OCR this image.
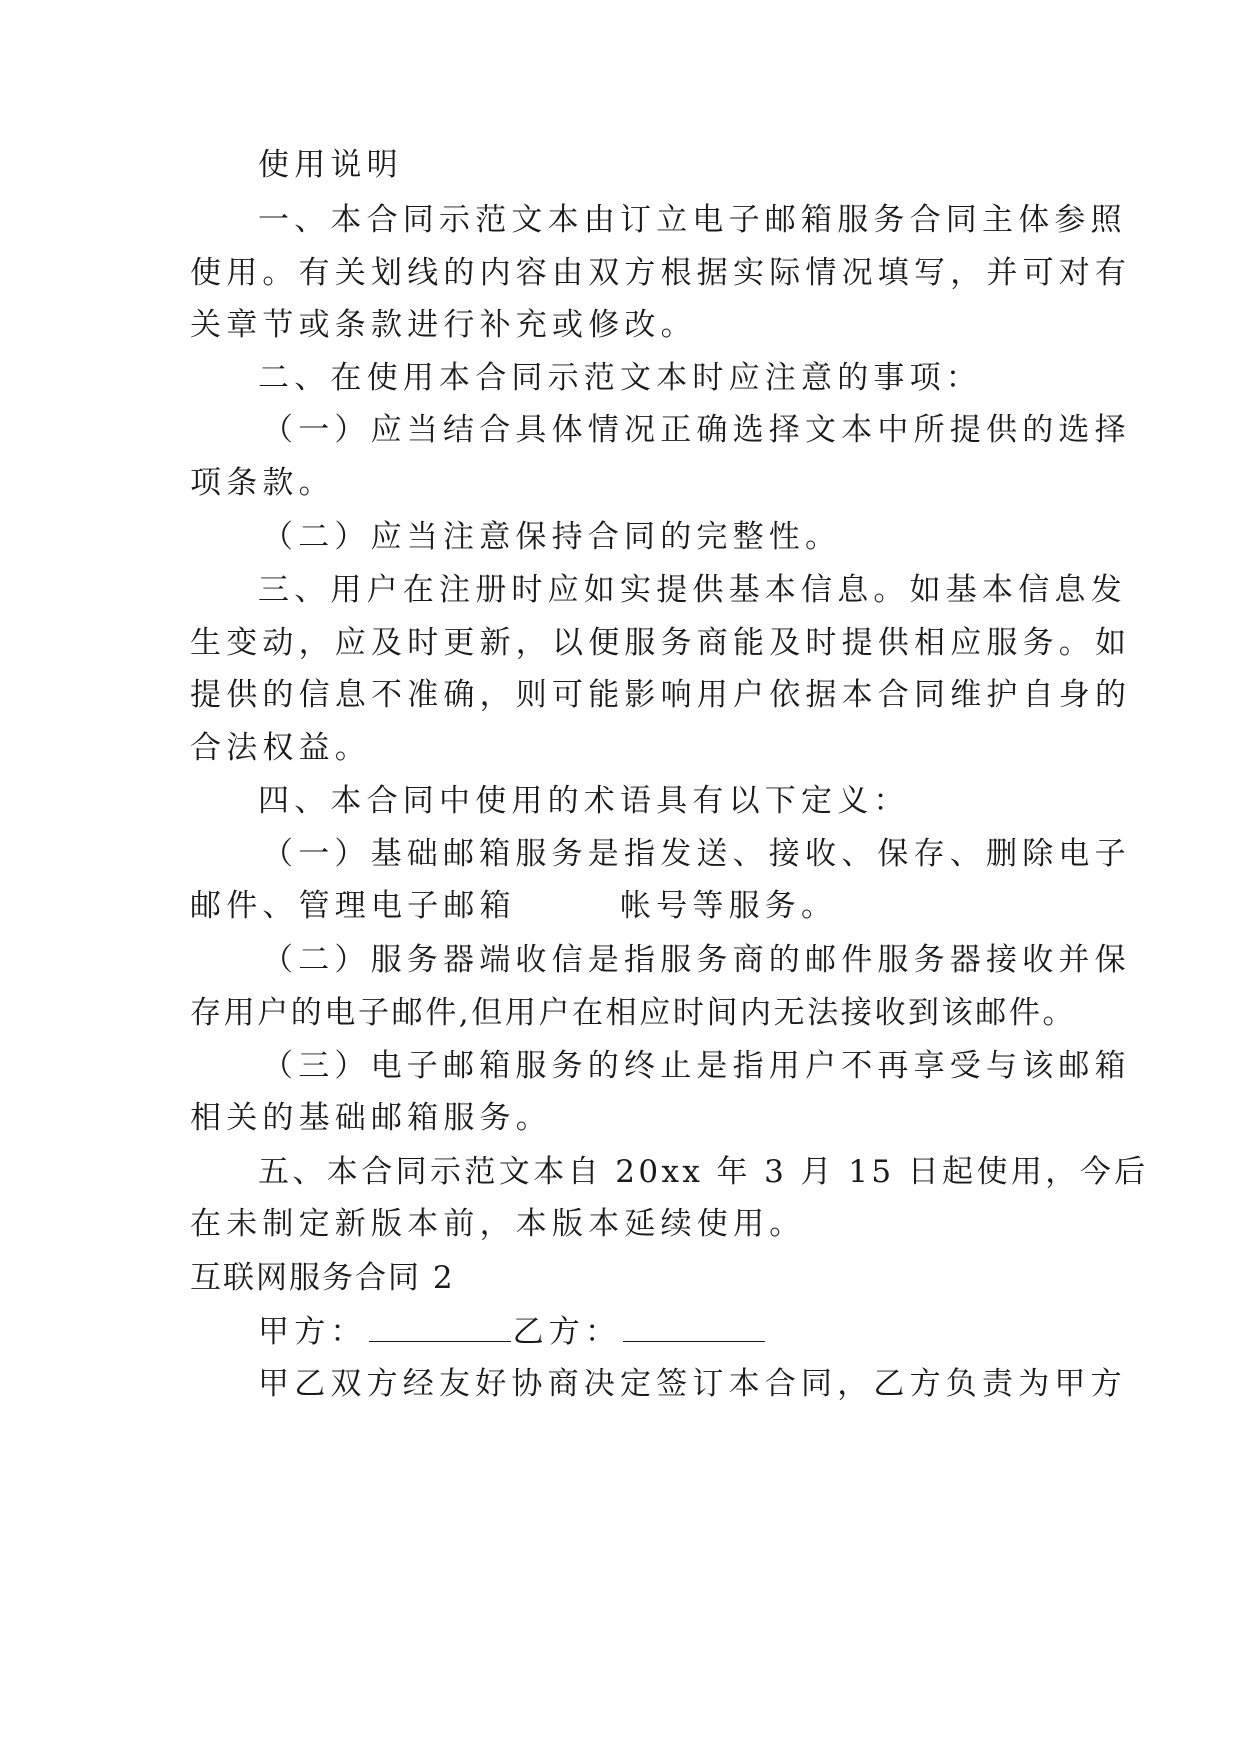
使用说明
一、本合同示范文本由订立电子邮箱服务合同主体参照
使用。有关划线的内容由双方根据实际情况填写，并可对有
关章节或条款进行补充或修改。
二、在使用本合同示范文本时应注意的事项：
（一）应当结合具体情况正确选择文本中所提供的选择
项条款。
（二）应当注意保持合同的完整性。
三、用户在注册时应如实提供基本信息。如基本信息发
生变动，应及时更新，以便服务商能及时提供相应服务。如
提供的信息不准确，则可能影响用户依据本合同维护自身的
合法权益。
四、本合同中使用的术语具有以下定义：
（一）基础邮箱服务是指发送、接收、保存、删除电子
邮件、管理电子邮箱	帐号等服务。
（二）服务器端收信是指服务商的邮件服务器接收并保
存用户的电子邮件,但用户在相应时间内无法接收到该邮件。
（三）电子邮箱服务的终止是指用户不再享受与该邮箱
相关的基础邮箱服务。
五、本合同示范文本自 20xx 年 3 月 15 日起使用，今后
在未制定新版本前，本版本延续使用。
互联网服务合同 2
甲方：	乙方：
甲乙双方经友好协商决定签订本合同，乙方负责为甲方
